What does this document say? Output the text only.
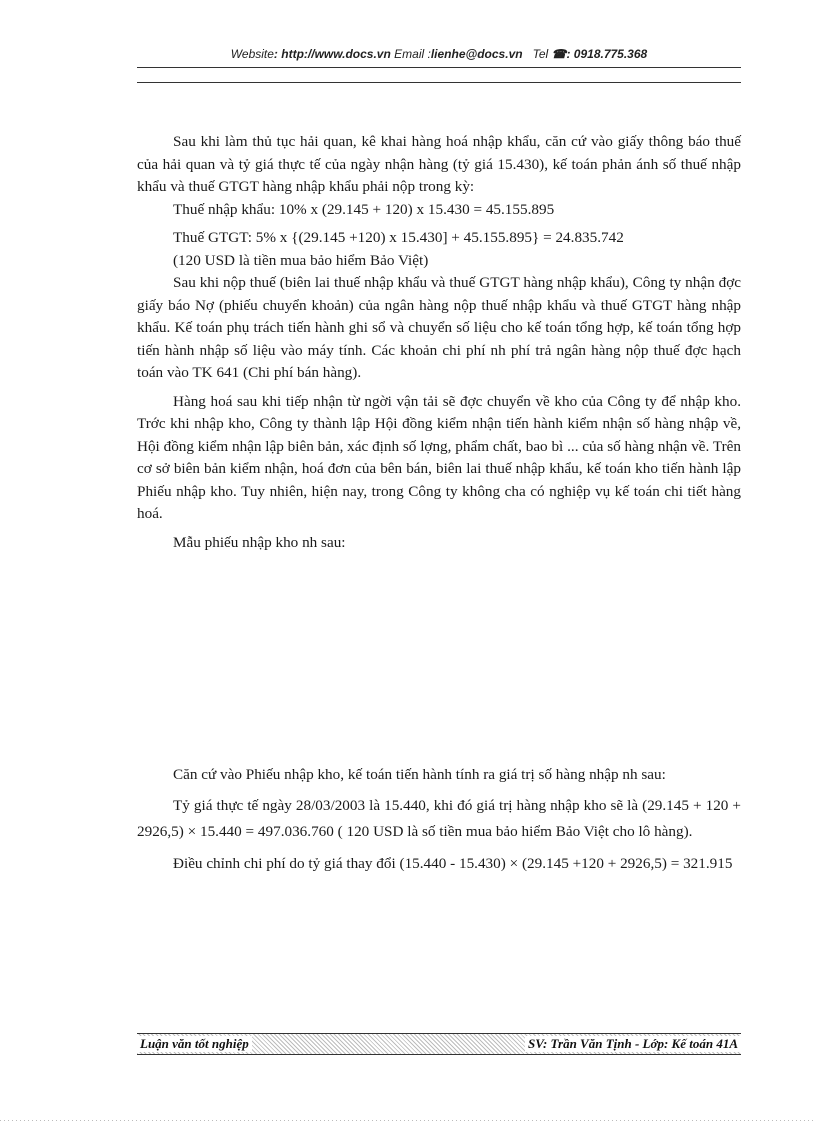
Website: http://www.docs.vn Email :lienhe@docs.vn Tel ☎: 0918.775.368

Sau khi làm thủ tục hải quan, kê khai hàng hoá nhập khẩu, căn cứ vào giấy thông báo thuế của hải quan và tỷ giá thực tế của ngày nhận hàng (tỷ giá 15.430), kế toán phản ánh số thuế nhập khẩu và thuế GTGT hàng nhập khẩu phải nộp trong kỳ:

Thuế nhập khẩu: 10% x (29.145 + 120) x 15.430 = 45.155.895

Thuế GTGT: 5% x {(29.145 +120) x 15.430] + 45.155.895} = 24.835.742

(120 USD là tiền mua bảo hiểm Bảo Việt)

Sau khi nộp thuế (biên lai thuế nhập khẩu và thuế GTGT hàng nhập khẩu), Công ty nhận đợc giấy báo Nợ (phiếu chuyển khoản) của ngân hàng nộp thuế nhập khẩu và thuế GTGT hàng nhập khẩu. Kế toán phụ trách tiến hành ghi sổ và chuyển số liệu cho kế toán tổng hợp, kế toán tổng hợp tiến hành nhập số liệu vào máy tính. Các khoản chi phí nh phí trả ngân hàng nộp thuế đợc hạch toán vào TK 641 (Chi phí bán hàng).

Hàng hoá sau khi tiếp nhận từ ngời vận tải sẽ đợc chuyển về kho của Công ty để nhập kho. Trớc khi nhập kho, Công ty thành lập Hội đồng kiểm nhận tiến hành kiểm nhận số hàng nhập về, Hội đồng kiểm nhận lập biên bản, xác định số lợng, phẩm chất, bao bì ... của số hàng nhận về. Trên cơ sở biên bản kiểm nhận, hoá đơn của bên bán, biên lai thuế nhập khẩu, kế toán kho tiến hành lập Phiếu nhập kho. Tuy nhiên, hiện nay, trong Công ty không cha có nghiệp vụ kế toán chi tiết hàng hoá.

Mẫu phiếu nhập kho nh sau:

Căn cứ vào Phiếu nhập kho, kế toán tiến hành tính ra giá trị số hàng nhập nh sau:

Tỷ giá thực tế ngày 28/03/2003 là 15.440, khi đó giá trị hàng nhập kho sẽ là (29.145 + 120 + 2926,5) × 15.440 = 497.036.760 ( 120 USD là số tiền mua bảo hiểm Bảo Việt cho lô hàng).

Điều chỉnh chi phí do tỷ giá thay đổi (15.440 - 15.430) × (29.145 +120 + 2926,5) = 321.915

Luận văn tốt nghiệp	SV: Trần Văn Tịnh - Lớp: Kế toán 41A
